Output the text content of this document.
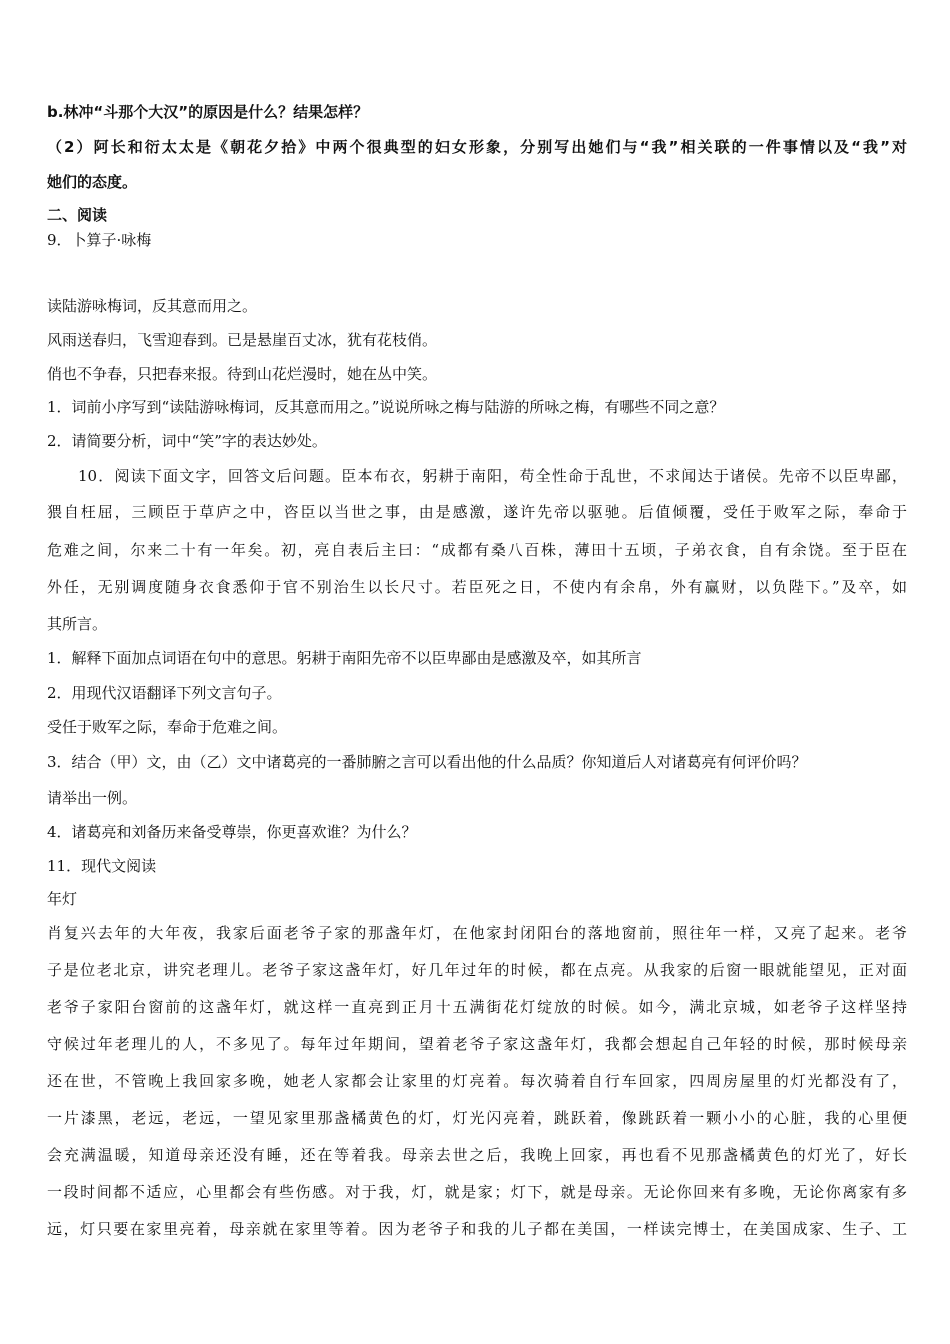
b.林冲“斗那个大汉”的原因是什么？结果怎样？
（2）阿长和衍太太是《朝花夕拾》中两个很典型的妇女形象，分别写出她们与“我”相关联的一件事情以及“我”对
她们的态度。
二、阅读
9．卜算子·咏梅
读陆游咏梅词，反其意而用之。
风雨送春归，飞雪迎春到。已是悬崖百丈冰，犹有花枝俏。
俏也不争春，只把春来报。待到山花烂漫时，她在丛中笑。
1．词前小序写到“读陆游咏梅词，反其意而用之。”说说所咏之梅与陆游的所咏之梅，有哪些不同之意？
2．请简要分析，词中“笑”字的表达妙处。
10．阅读下面文字，回答文后问题。臣本布衣，躬耕于南阳，苟全性命于乱世，不求闻达于诸侯。先帝不以臣卑鄙，
猥自枉屈，三顾臣于草庐之中，咨臣以当世之事，由是感激，遂许先帝以驱驰。后值倾覆，受任于败军之际，奉命于
危难之间，尔来二十有一年矣。初，亮自表后主曰：“成都有桑八百株，薄田十五顷，子弟衣食，自有余饶。至于臣在
外任，无别调度随身衣食悉仰于官不别治生以长尺寸。若臣死之日，不使内有余帛，外有赢财，以负陛下。”及卒，如
其所言。
1．解释下面加点词语在句中的意思。躬耕于南阳先帝不以臣卑鄙由是感激及卒，如其所言
2．用现代汉语翻译下列文言句子。
受任于败军之际，奉命于危难之间。
3．结合（甲）文，由（乙）文中诸葛亮的一番肺腑之言可以看出他的什么品质？你知道后人对诸葛亮有何评价吗？
请举出一例。
4．诸葛亮和刘备历来备受尊崇，你更喜欢谁？为什么？
11．现代文阅读
年灯
肖复兴去年的大年夜，我家后面老爷子家的那盏年灯，在他家封闭阳台的落地窗前，照往年一样，又亮了起来。老爷
子是位老北京，讲究老理儿。老爷子家这盏年灯，好几年过年的时候，都在点亮。从我家的后窗一眼就能望见，正对面
老爷子家阳台窗前的这盏年灯，就这样一直亮到正月十五满街花灯绽放的时候。如今，满北京城，如老爷子这样坚持
守候过年老理儿的人，不多见了。每年过年期间，望着老爷子家这盏年灯，我都会想起自己年轻的时候，那时候母亲
还在世，不管晚上我回家多晚，她老人家都会让家里的灯亮着。每次骑着自行车回家，四周房屋里的灯光都没有了，
一片漆黑，老远，老远，一望见家里那盏橘黄色的灯，灯光闪亮着，跳跃着，像跳跃着一颗小小的心脏，我的心里便
会充满温暖，知道母亲还没有睡，还在等着我。母亲去世之后，我晚上回家，再也看不见那盏橘黄色的灯光了，好长
一段时间都不适应，心里都会有些伤感。对于我，灯，就是家；灯下，就是母亲。无论你回来有多晚，无论你离家有多
远，灯只要在家里亮着，母亲就在家里等着。因为老爷子和我的儿子都在美国，一样读完博士，在美国成家、生子、工
